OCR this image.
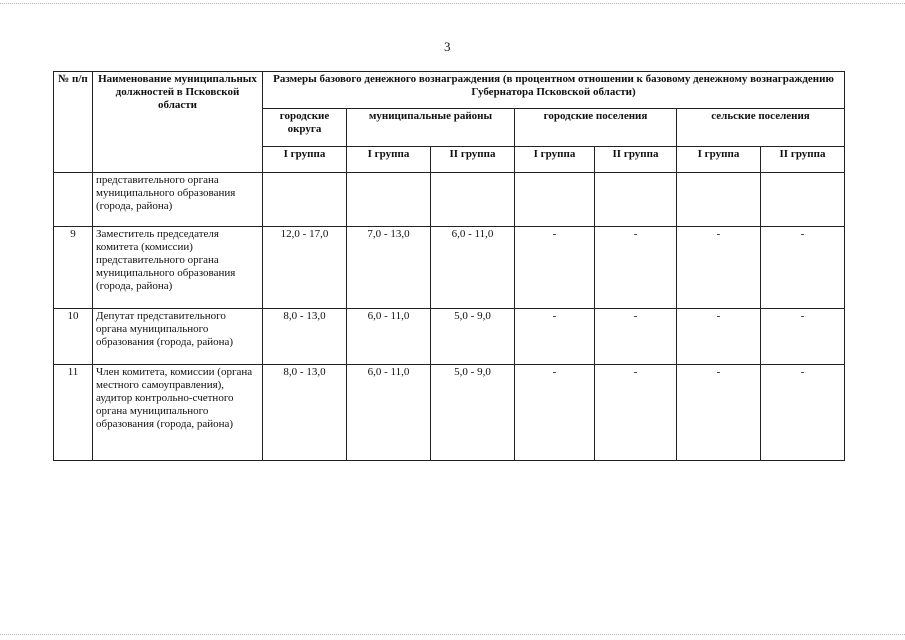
3
№ п/п	Наименование муниципальных должностей в Псковской области	Размеры базового денежного вознаграждения (в процентном отношении к базовому денежному вознаграждению Губернатора Псковской области)						
		городские округа	муниципальные районы		городские поселения		сельские поселения	
		I группа	I группа	II группа	I группа	II группа	I группа	II группа
	представительного органа муниципального образования (города, района)							
9	Заместитель председателя комитета (комиссии) представительного органа муниципального образования (города, района)	12,0 - 17,0	7,0 - 13,0	6,0 - 11,0	-	-	-	-
10	Депутат представительного органа муниципального образования (города, района)	8,0 - 13,0	6,0 - 11,0	5,0 - 9,0	-	-	-	-
11	Член комитета, комиссии (органа местного самоуправления), аудитор контрольно-счетного органа муниципального образования (города, района)	8,0 - 13,0	6,0 - 11,0	5,0 - 9,0	-	-	-	-
